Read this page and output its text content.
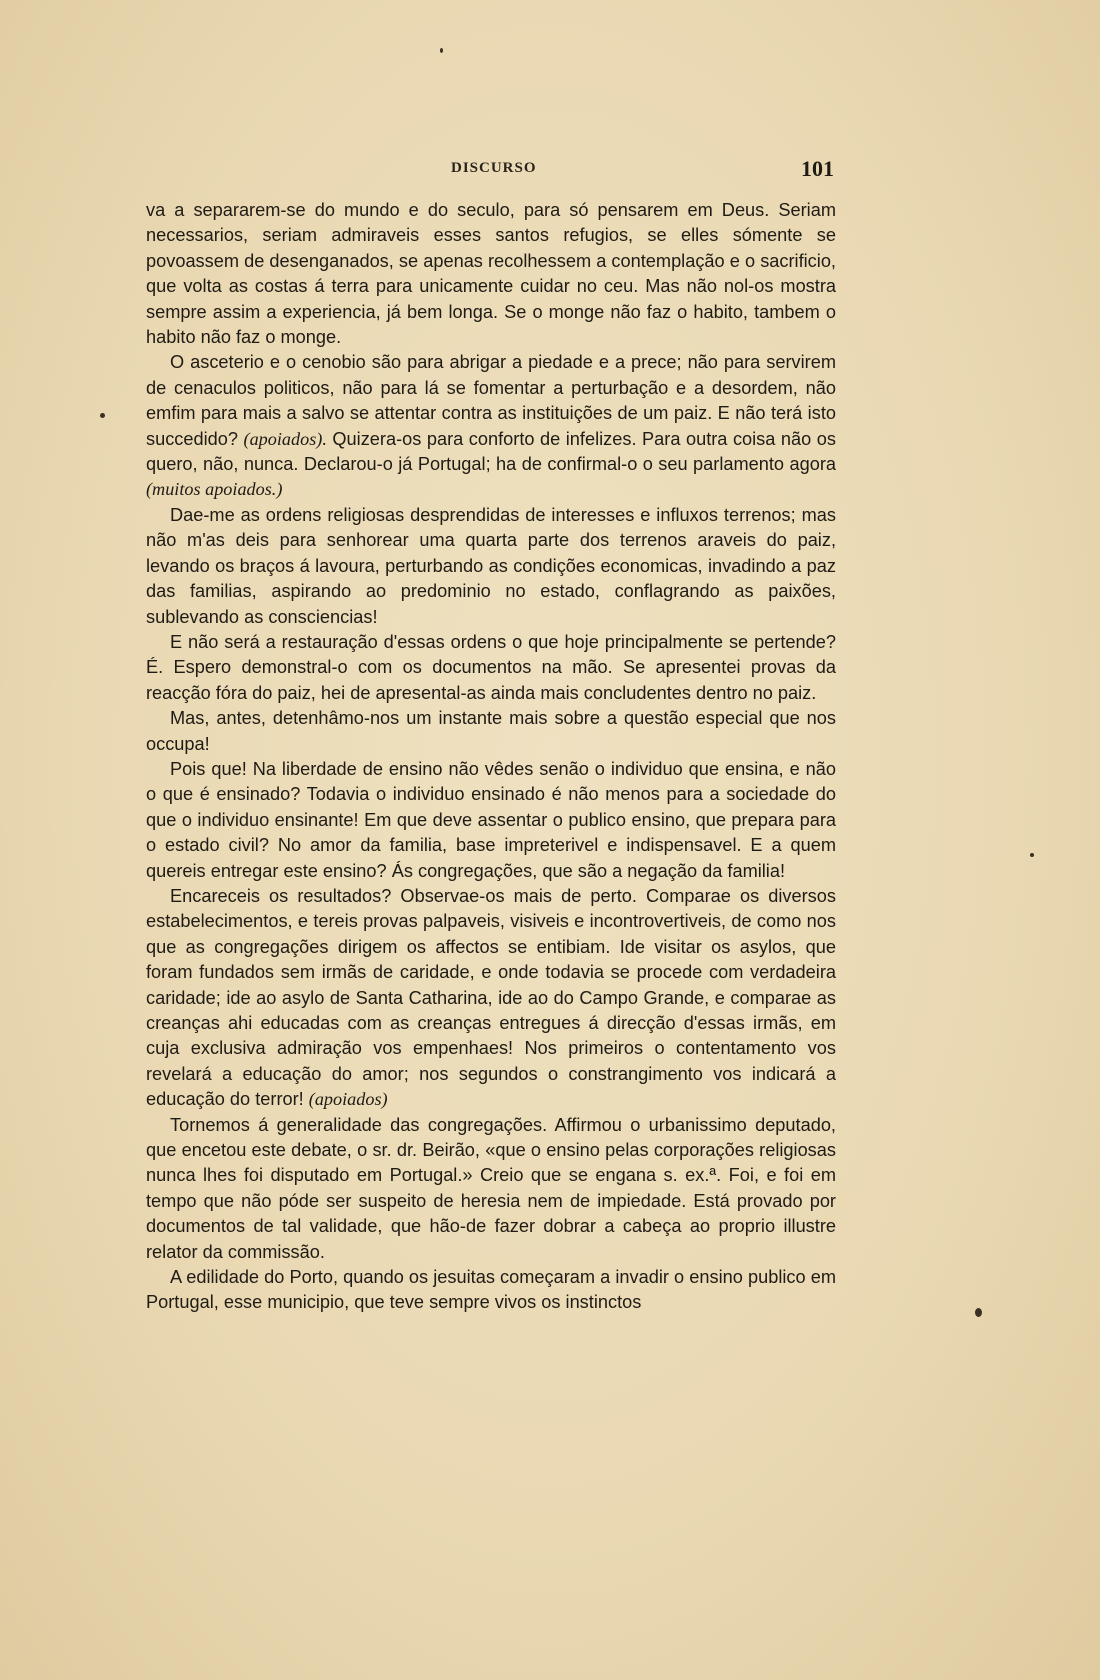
DISCURSO	101

va a separarem-se do mundo e do seculo, para só pensarem em Deus. Seriam necessarios, seriam admiraveis esses santos refugios, se elles sómente se povoassem de desenganados, se apenas recolhessem a contemplação e o sacrificio, que volta as costas á terra para unicamente cuidar no ceu. Mas não nol-os mostra sempre assim a experiencia, já bem longa. Se o monge não faz o habito, tambem o habito não faz o monge.

O asceterio e o cenobio são para abrigar a piedade e a prece; não para servirem de cenaculos politicos, não para lá se fomentar a perturbação e a desordem, não emfim para mais a salvo se attentar contra as instituições de um paiz. E não terá isto succedido? (apoiados). Quizera-os para conforto de infelizes. Para outra coisa não os quero, não, nunca. Declarou-o já Portugal; ha de confirmal-o o seu parlamento agora (muitos apoiados.)

Dae-me as ordens religiosas desprendidas de interesses e influxos terrenos; mas não m'as deis para senhorear uma quarta parte dos terrenos araveis do paiz, levando os braços á lavoura, perturbando as condições economicas, invadindo a paz das familias, aspirando ao predominio no estado, conflagrando as paixões, sublevando as consciencias!

E não será a restauração d'essas ordens o que hoje principalmente se pertende? É. Espero demonstral-o com os documentos na mão. Se apresentei provas da reacção fóra do paiz, hei de apresental-as ainda mais concludentes dentro no paiz.

Mas, antes, detenhâmo-nos um instante mais sobre a questão especial que nos occupa!

Pois que! Na liberdade de ensino não vêdes senão o individuo que ensina, e não o que é ensinado? Todavia o individuo ensinado é não menos para a sociedade do que o individuo ensinante! Em que deve assentar o publico ensino, que prepara para o estado civil? No amor da familia, base impreterivel e indispensavel. E a quem quereis entregar este ensino? Ás congregações, que são a negação da familia!

Encareceis os resultados? Observae-os mais de perto. Comparae os diversos estabelecimentos, e tereis provas palpaveis, visiveis e incontrovertiveis, de como nos que as congregações dirigem os affectos se entibiam. Ide visitar os asylos, que foram fundados sem irmãs de caridade, e onde todavia se procede com verdadeira caridade; ide ao asylo de Santa Catharina, ide ao do Campo Grande, e comparae as creanças ahi educadas com as creanças entregues á direcção d'essas irmãs, em cuja exclusiva admiração vos empenhaes! Nos primeiros o contentamento vos revelará a educação do amor; nos segundos o constrangimento vos indicará a educação do terror! (apoiados)

Tornemos á generalidade das congregações. Affirmou o urbanissimo deputado, que encetou este debate, o sr. dr. Beirão, «que o ensino pelas corporações religiosas nunca lhes foi disputado em Portugal.» Creio que se engana s. ex.ª. Foi, e foi em tempo que não póde ser suspeito de heresia nem de impiedade. Está provado por documentos de tal validade, que hão-de fazer dobrar a cabeça ao proprio illustre relator da commissão.

A edilidade do Porto, quando os jesuitas começaram a invadir o ensino publico em Portugal, esse municipio, que teve sempre vivos os instinctos
